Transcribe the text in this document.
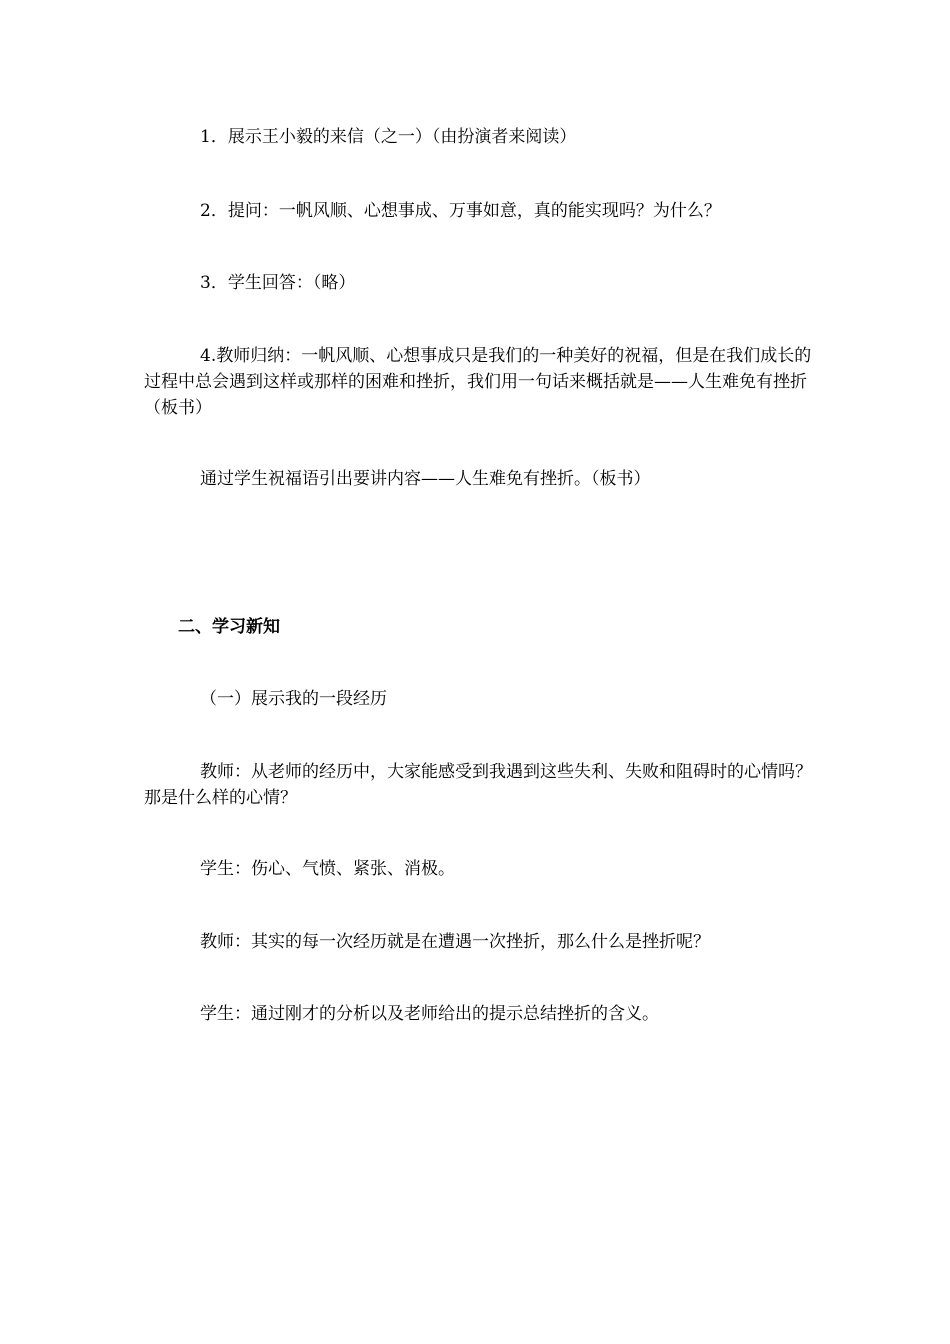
1．展示王小毅的来信（之一）（由扮演者来阅读）

2．提问：一帆风顺、心想事成、万事如意，真的能实现吗？为什么？

3．学生回答：（略）

4.教师归纳：一帆风顺、心想事成只是我们的一种美好的祝福，但是在我们成长的过程中总会遇到这样或那样的困难和挫折，我们用一句话来概括就是——人生难免有挫折（板书）

通过学生祝福语引出要讲内容——人生难免有挫折。（板书）

二、学习新知

（一）展示我的一段经历

教师：从老师的经历中，大家能感受到我遇到这些失利、失败和阻碍时的心情吗？那是什么样的心情？

学生：伤心、气愤、紧张、消极。

教师：其实的每一次经历就是在遭遇一次挫折，那么什么是挫折呢？

学生：通过刚才的分析以及老师给出的提示总结挫折的含义。
